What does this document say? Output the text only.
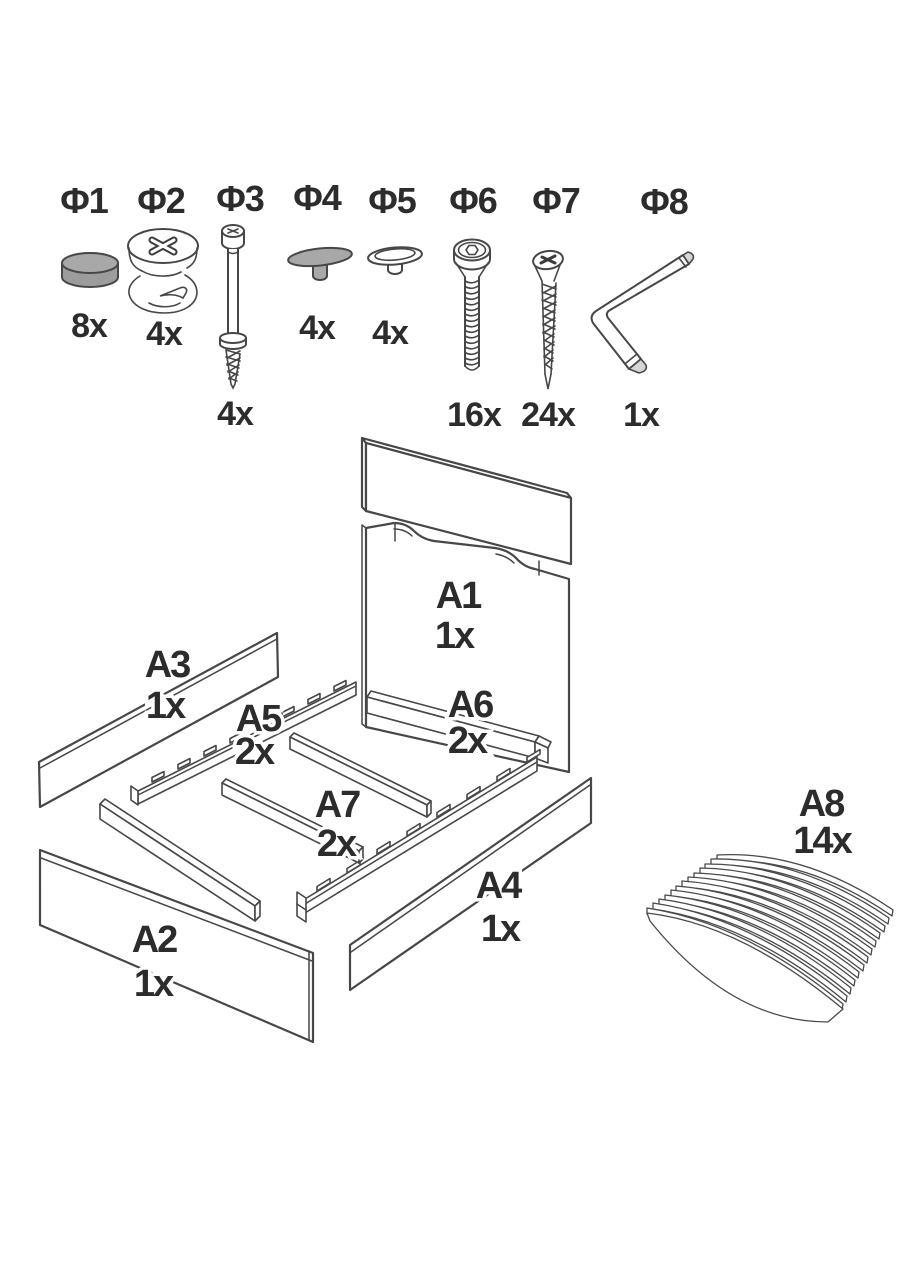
Φ1
8x
Φ2
4x
Φ3
4x
Φ4
4x
Φ5
4x
Φ6
16x
Φ7
24x
Φ8
1x
A3
1x A5
2x
A1
1x
A6
2x
A7
2x
A2
1x
A4
1x
A8
14x
